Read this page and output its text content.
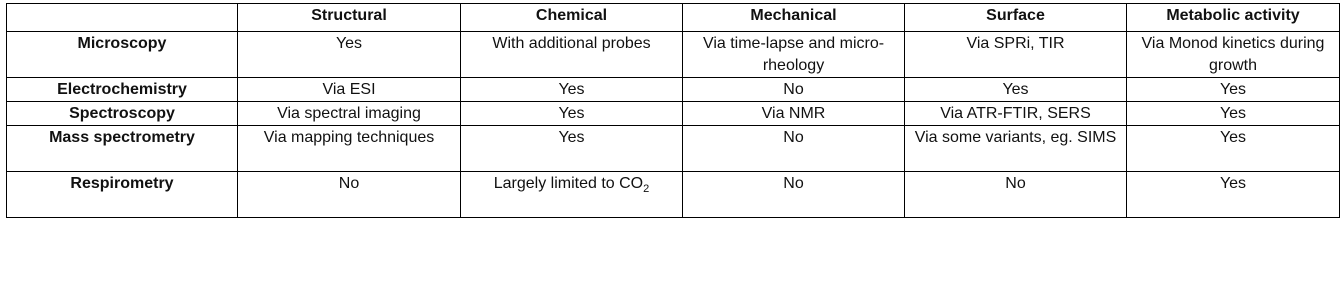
	Structural	Chemical	Mechanical	Surface	Metabolic activity
Microscopy	Yes	With additional probes	Via time-lapse and micro-rheology	Via SPRi, TIR	Via Monod kinetics during growth
Electrochemistry	Via ESI	Yes	No	Yes	Yes
Spectroscopy	Via spectral imaging	Yes	Via NMR	Via ATR-FTIR, SERS	Yes
Mass spectrometry	Via mapping techniques	Yes	No	Via some variants, eg. SIMS	Yes
Respirometry	No	Largely limited to $CO_2$	No	No	Yes
